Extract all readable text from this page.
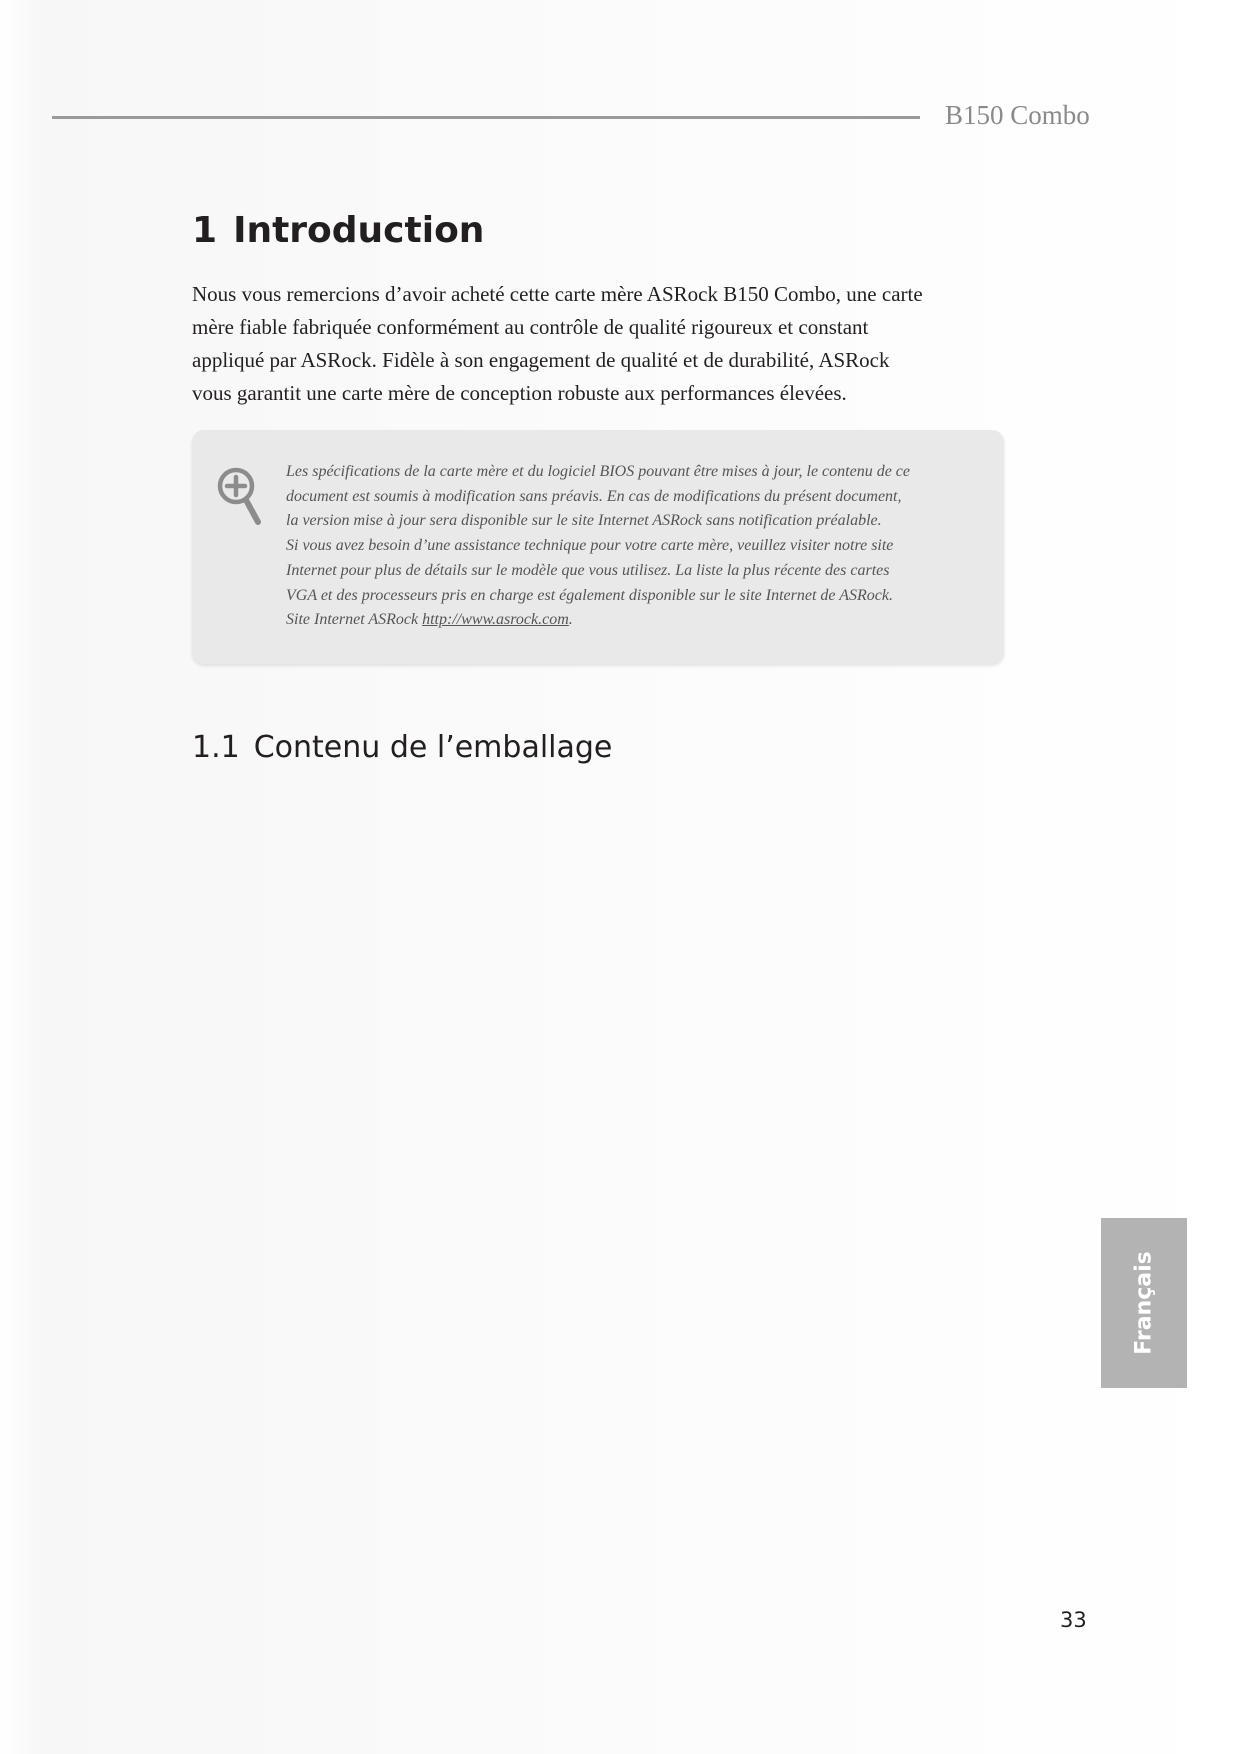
B150 Combo
1 Introduction

Nous vous remercions d’avoir acheté cette carte mère ASRock B150 Combo, une carte
mère fiable fabriquée conformément au contrôle de qualité rigoureux et constant
appliqué par ASRock. Fidèle à son engagement de qualité et de durabilité, ASRock
vous garantit une carte mère de conception robuste aux performances élevées.

Les spécifications de la carte mère et du logiciel BIOS pouvant être mises à jour, le contenu de ce
document est soumis à modification sans préavis. En cas de modifications du présent document,
la version mise à jour sera disponible sur le site Internet ASRock sans notification préalable.
Si vous avez besoin d’une assistance technique pour votre carte mère, veuillez visiter notre site
Internet pour plus de détails sur le modèle que vous utilisez. La liste la plus récente des cartes
VGA et des processeurs pris en charge est également disponible sur le site Internet de ASRock.
Site Internet ASRock http://www.asrock.com.
1.1 Contenu de l’emballage
Français
33
